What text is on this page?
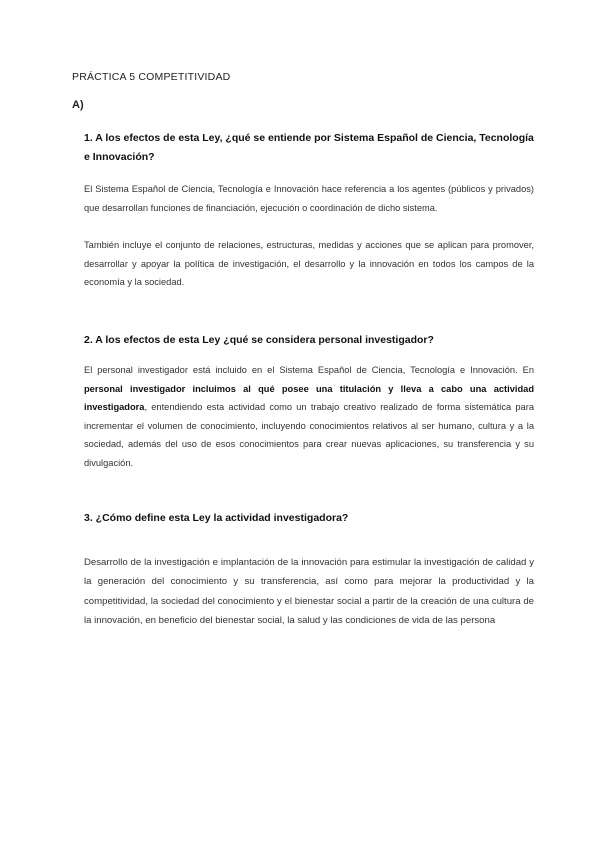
PRÁCTICA 5 COMPETITIVIDAD
A)
1. A los efectos de esta Ley, ¿qué se entiende por Sistema Español de Ciencia, Tecnología e Innovación?

El Sistema Español de Ciencia, Tecnología e Innovación hace referencia a los agentes (públicos y privados) que desarrollan funciones de financiación, ejecución o coordinación de dicho sistema.

También incluye el conjunto de relaciones, estructuras, medidas y acciones que se aplican para promover, desarrollar y apoyar la política de investigación, el desarrollo y la innovación en todos los campos de la economía y la sociedad.

2. A los efectos de esta Ley ¿qué se considera personal investigador?

El personal investigador está incluido en el Sistema Español de Ciencia, Tecnología e Innovación. En personal investigador incluimos al qué posee una titulación y lleva a cabo una actividad investigadora, entendiendo esta actividad como un trabajo creativo realizado de forma sistemática para incrementar el volumen de conocimiento, incluyendo conocimientos relativos al ser humano, cultura y a la sociedad, además del uso de esos conocimientos para crear nuevas aplicaciones, su transferencia y su divulgación.

3. ¿Cómo define esta Ley la actividad investigadora?

Desarrollo de la investigación e implantación de la innovación para estimular la investigación de calidad y la generación del conocimiento y su transferencia, así como para mejorar la productividad y la competitividad, la sociedad del conocimiento y el bienestar social a partir de la creación de una cultura de la innovación, en beneficio del bienestar social, la salud y las condiciones de vida de las persona
